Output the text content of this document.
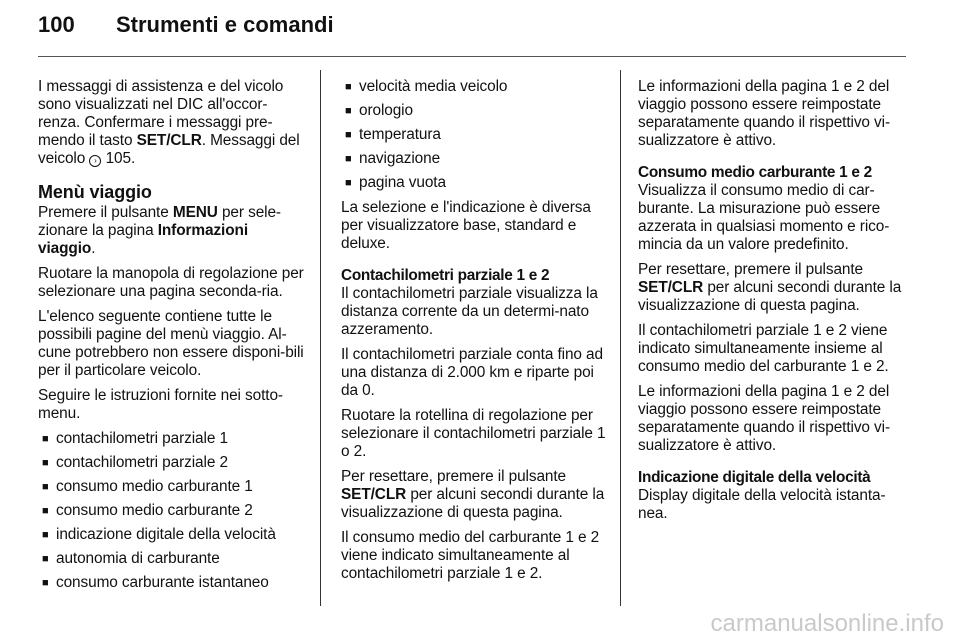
100	Strumenti e comandi

I messaggi di assistenza e del vicolo sono visualizzati nel DIC all'occor-renza. Confermare i messaggi pre-mendo il tasto SET/CLR. Messaggi del veicolo › 105.

Menù viaggio

Premere il pulsante MENU per sele-zionare la pagina Informazioni viaggio.

Ruotare la manopola di regolazione per selezionare una pagina seconda-ria.

L'elenco seguente contiene tutte le possibili pagine del menù viaggio. Al-cune potrebbero non essere disponi-bili per il particolare veicolo.

Seguire le istruzioni fornite nei sotto-menu.

■ contachilometri parziale 1
■ contachilometri parziale 2
■ consumo medio carburante 1
■ consumo medio carburante 2
■ indicazione digitale della velocità
■ autonomia di carburante
■ consumo carburante istantaneo
■ velocità media veicolo
■ orologio
■ temperatura
■ navigazione
■ pagina vuota

La selezione e l'indicazione è diversa per visualizzatore base, standard e deluxe.

Contachilometri parziale 1 e 2

Il contachilometri parziale visualizza la distanza corrente da un determi-nato azzeramento.

Il contachilometri parziale conta fino ad una distanza di 2.000 km e riparte poi da 0.

Ruotare la rotellina di regolazione per selezionare il contachilometri parziale 1 o 2.

Per resettare, premere il pulsante SET/CLR per alcuni secondi durante la visualizzazione di questa pagina.

Il consumo medio del carburante 1 e 2 viene indicato simultaneamente al contachilometri parziale 1 e 2.

Le informazioni della pagina 1 e 2 del viaggio possono essere reimpostate separatamente quando il rispettivo vi-sualizzatore è attivo.

Consumo medio carburante 1 e 2

Visualizza il consumo medio di car-burante. La misurazione può essere azzerata in qualsiasi momento e rico-mincia da un valore predefinito.

Per resettare, premere il pulsante SET/CLR per alcuni secondi durante la visualizzazione di questa pagina.

Il contachilometri parziale 1 e 2 viene indicato simultaneamente insieme al consumo medio del carburante 1 e 2.

Le informazioni della pagina 1 e 2 del viaggio possono essere reimpostate separatamente quando il rispettivo vi-sualizzatore è attivo.

Indicazione digitale della velocità

Display digitale della velocità istanta-nea.

carmanualsonline.info
